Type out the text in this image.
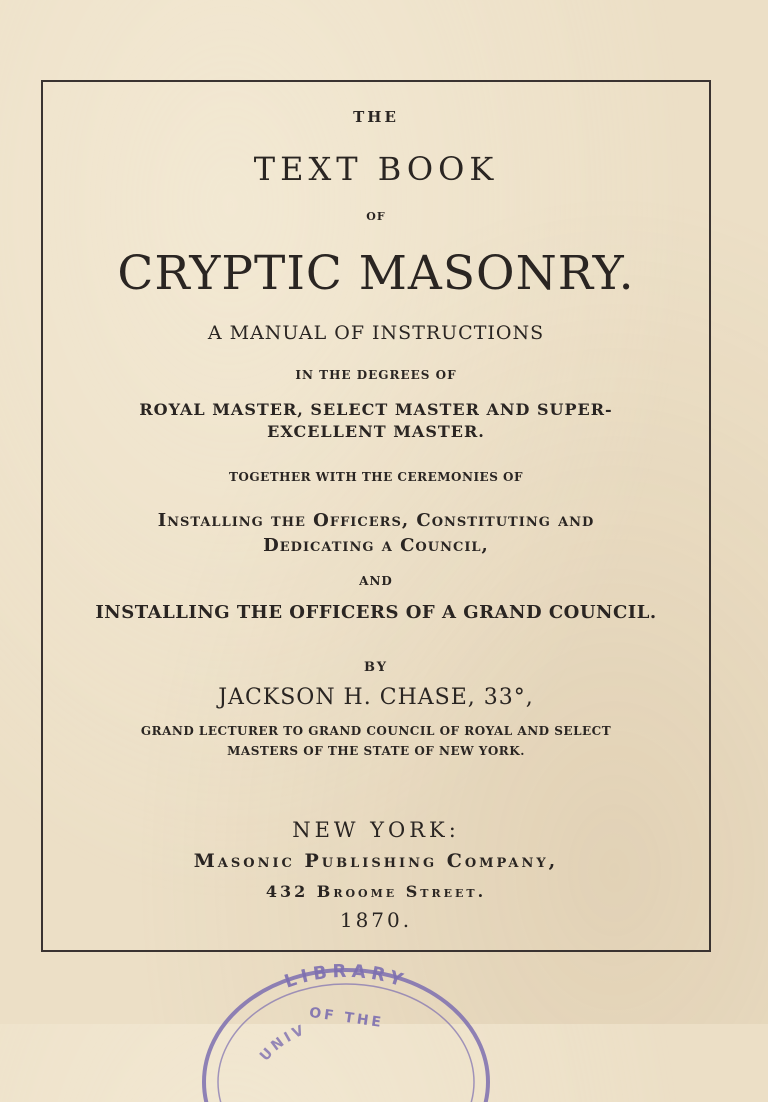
THE
TEXT BOOK
OF
CRYPTIC MASONRY.
A MANUAL OF INSTRUCTIONS
IN THE DEGREES OF
ROYAL MASTER, SELECT MASTER AND SUPER-
EXCELLENT MASTER.
TOGETHER WITH THE CEREMONIES OF
Installing the Officers, Constituting and
Dedicating a Council,
AND
INSTALLING THE OFFICERS OF A GRAND COUNCIL.
BY
JACKSON H. CHASE, 33°,
GRAND LECTURER TO GRAND COUNCIL OF ROYAL AND SELECT
MASTERS OF THE STATE OF NEW YORK.
NEW YORK:
Masonic Publishing Company,
432 Broome Street.
1870.
LIBRARY
OF THE
UNIV
